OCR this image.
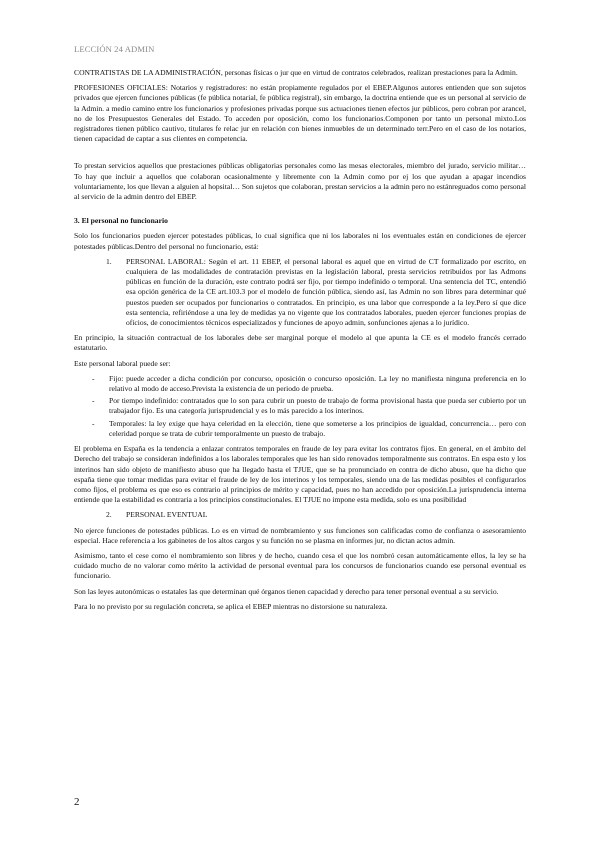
LECCIÓN 24 ADMIN

CONTRATISTAS DE LA ADMINISTRACIÓN, personas físicas o jur que en virtud de contratos celebrados, realizan prestaciones para la Admin.

PROFESIONES OFICIALES: Notarios y registradores: no están propiamente regulados por el EBEP.Algunos autores entienden que son sujetos privados que ejercen funciones públicas (fe pública notarial, fe pública registral), sin embargo, la doctrina entiende que es un personal al servicio de la Admin. a medio camino entre los funcionarios y profesiones privadas porque sus actuaciones tienen efectos jur públicos, pero cobran por arancel, no de los Presupuestos Generales del Estado. To acceden por oposición, como los funcionarios.Componen por tanto un personal mixto.Los registradores tienen público cautivo, titulares fe relac jur en relación con bienes inmuebles de un determinado terr.Pero en el caso de los notarios, tienen capacidad de captar a sus clientes en competencia.

To prestan servicios aquellos que prestaciones públicas obligatorias personales como las mesas electorales, miembro del jurado, servicio militar… To hay que incluir a aquellos que colaboran ocasionalmente y libremente con la Admin como por ej los que ayudan a apagar incendios voluntariamente, los que llevan a alguien al hopsital… Son sujetos que colaboran, prestan servicios a la admin pero no estánreguados como personal al servicio de la admin dentro del EBEP.

3. El personal no funcionario

Solo los funcionarios pueden ejercer potestades públicas, lo cual significa que ni los laborales ni los eventuales están en condiciones de ejercer potestades públicas.Dentro del personal no funcionario, está:

1.	PERSONAL LABORAL: Según el art. 11 EBEP, el personal laboral es aquel que en virtud de CT formalizado por escrito, en cualquiera de las modalidades de contratación previstas en la legislación laboral, presta servicios retribuidos por las Admons públicas en función de la duración, este contrato podrá ser fijo, por tiempo indefinido o temporal. Una sentencia del TC, entendió esa opción genérica de la CE art.103.3 por el modelo de función pública, siendo así, las Admin no son libres para determinar qué puestos pueden ser ocupados por funcionarios o contratados. En principio, es una labor que corresponde a la ley.Pero sí que dice esta sentencia, refiriéndose a una ley de medidas ya no vigente que los contratados laborales, pueden ejercer funciones propias de oficios, de conocimientos técnicos especializados y funciones de apoyo admin, sonfunciones ajenas a lo jurídico.

En principio, la situación contractual de los laborales debe ser marginal porque el modelo al que apunta la CE es el modelo francés cerrado estatutario.

Este personal laboral puede ser:

- Fijo: puede acceder a dicha condición por concurso, oposición o concurso oposición. La ley no manifiesta ninguna preferencia en lo relativo al modo de acceso.Prevista la existencia de un periodo de prueba.
- Por tiempo indefinido: contratados que lo son para cubrir un puesto de trabajo de forma provisional hasta que pueda ser cubierto por un trabajador fijo. Es una categoría jurisprudencial y es lo más parecido a los interinos.
- Temporales: la ley exige que haya celeridad en la elección, tiene que someterse a los principios de igualdad, concurrencia… pero con celeridad porque se trata de cubrir temporalmente un puesto de trabajo.

El problema en España es la tendencia a enlazar contratos temporales en fraude de ley para evitar los contratos fijos. En general, en el ámbito del Derecho del trabajo se consideran indefinidos a los laborales temporales que les han sido renovados temporalmente sus contratos. En espa esto y los interinos han sido objeto de manifiesto abuso que ha llegado hasta el TJUE, que se ha pronunciado en contra de dicho abuso, que ha dicho que españa tiene que tomar medidas para evitar el fraude de ley de los interinos y los temporales, siendo una de las medidas posibles el configurarlos como fijos, el problema es que eso es contrario al principios de mérito y capacidad, pues no han accedido por oposición.La jurisprudencia interna entiende que la estabilidad es contraria a los principios constitucionales. El TJUE no impone esta medida, solo es una posibilidad

2.	PERSONAL EVENTUAL

No ejerce funciones de potestades públicas. Lo es en virtud de nombramiento y sus funciones son calificadas como de confianza o asesoramiento especial. Hace referencia a los gabinetes de los altos cargos y su función no se plasma en informes jur, no dictan actos admin.

Asimismo, tanto el cese como el nombramiento son libres y de hecho, cuando cesa el que los nombró cesan automáticamente ellos, la ley se ha cuidado mucho de no valorar como mérito la actividad de personal eventual para los concursos de funcionarios cuando ese personal eventual es funcionario.

Son las leyes autonómicas o estatales las que determinan qué órganos tienen capacidad y derecho para tener personal eventual a su servicio.

Para lo no previsto por su regulación concreta, se aplica el EBEP mientras no distorsione su naturaleza.

2
